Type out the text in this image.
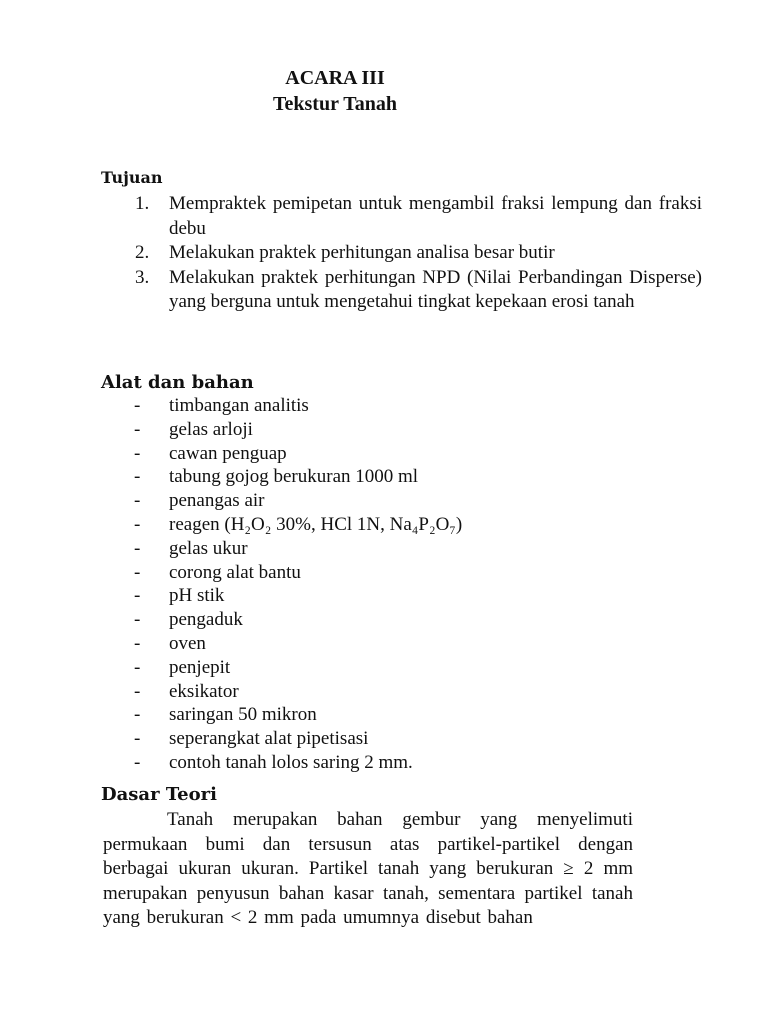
ACARA III
Tekstur Tanah
Tujuan
1. Mempraktek pemipetan untuk mengambil fraksi lempung dan fraksi debu
2. Melakukan praktek perhitungan analisa besar butir
3. Melakukan praktek perhitungan NPD (Nilai Perbandingan Disperse) yang berguna untuk mengetahui tingkat kepekaan erosi tanah
Alat dan bahan
- timbangan analitis
- gelas arloji
- cawan penguap
- tabung gojog berukuran 1000 ml
- penangas air
- reagen (H₂O₂ 30%, HCl 1N, Na₄P₂O₇)
- gelas ukur
- corong alat bantu
- pH stik
- pengaduk
- oven
- penjepit
- eksikator
- saringan 50 mikron
- seperangkat alat pipetisasi
- contoh tanah lolos saring 2 mm.
Dasar Teori

Tanah merupakan bahan gembur yang menyelimuti permukaan bumi dan tersusun atas partikel-partikel dengan berbagai ukuran ukuran. Partikel tanah yang berukuran ≥ 2 mm merupakan penyusun bahan kasar tanah, sementara partikel tanah yang berukuran < 2 mm pada umumnya disebut bahan
